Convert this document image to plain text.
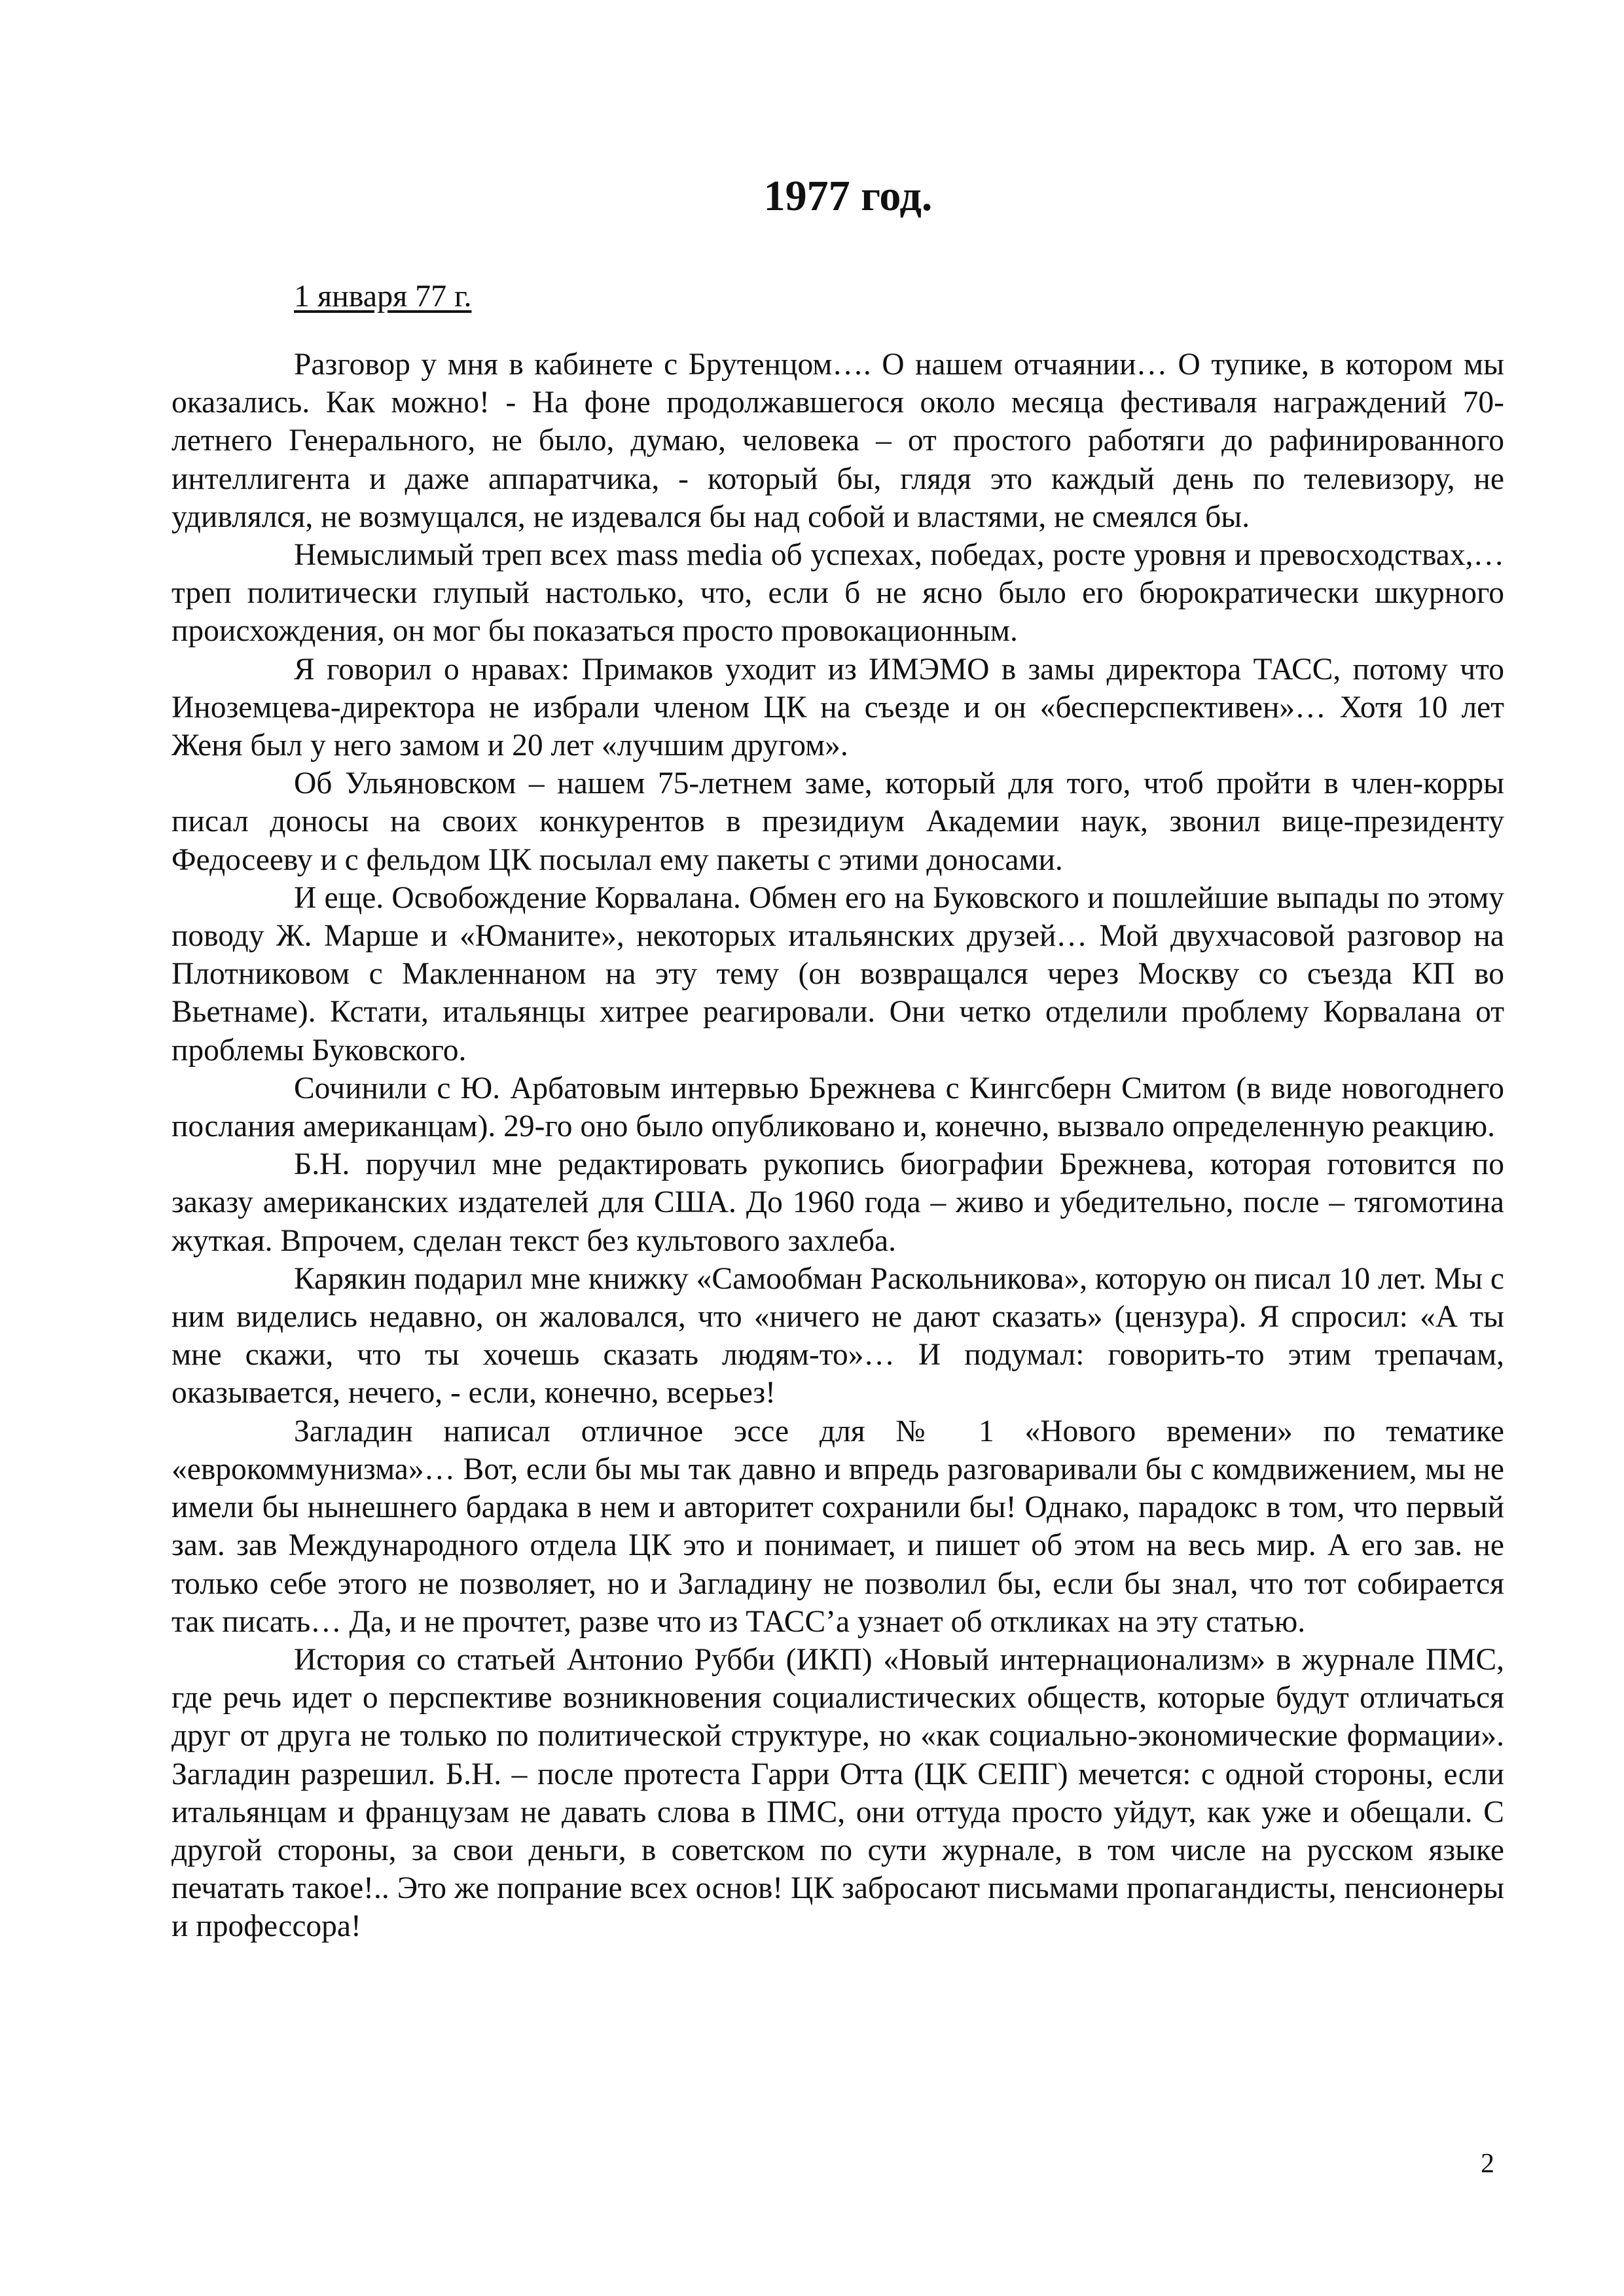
1977 год.

1 января 77 г.

Разговор у мня в кабинете с Брутенцом…. О нашем отчаянии… О тупике, в котором мы оказались. Как можно! - На фоне продолжавшегося около месяца фестиваля награждений 70-летнего Генерального, не было, думаю, человека – от простого работяги до рафинированного интеллигента и даже аппаратчика, - который бы, глядя это каждый день по телевизору, не удивлялся, не возмущался, не издевался бы над собой и властями, не смеялся бы.

Немыслимый треп всех mass media об успехах, победах, росте уровня и превосходствах,… треп политически глупый настолько, что, если б не ясно было его бюрократически шкурного происхождения, он мог бы показаться просто провокационным.

Я говорил о нравах: Примаков уходит из ИМЭМО в замы директора ТАСС, потому что Иноземцева-директора не избрали членом ЦК на съезде и он «бесперспективен»… Хотя 10 лет Женя был у него замом и 20 лет «лучшим другом».

Об Ульяновском – нашем 75-летнем заме, который для того, чтоб пройти в член-корры писал доносы на своих конкурентов в президиум Академии наук, звонил вице-президенту Федосееву и с фельдом ЦК посылал ему пакеты с этими доносами.

И еще. Освобождение Корвалана. Обмен его на Буковского и пошлейшие выпады по этому поводу Ж. Марше и «Юманите», некоторых итальянских друзей… Мой двухчасовой разговор на Плотниковом с Макленнаном на эту тему (он возвращался через Москву со съезда КП во Вьетнаме). Кстати, итальянцы хитрее реагировали. Они четко отделили проблему Корвалана от проблемы Буковского.

Сочинили с Ю. Арбатовым интервью Брежнева с Кингсберн Смитом (в виде новогоднего послания американцам). 29-го оно было опубликовано и, конечно, вызвало определенную реакцию.

Б.Н. поручил мне редактировать рукопись биографии Брежнева, которая готовится по заказу американских издателей для США. До 1960 года – живо и убедительно, после – тягомотина жуткая. Впрочем, сделан текст без культового захлеба.

Карякин подарил мне книжку «Самообман Раскольникова», которую он писал 10 лет. Мы с ним виделись недавно, он жаловался, что «ничего не дают сказать» (цензура). Я спросил: «А ты мне скажи, что ты хочешь сказать людям-то»… И подумал: говорить-то этим трепачам, оказывается, нечего, - если, конечно, всерьез!

Загладин написал отличное эссе для № 1 «Нового времени» по тематике «еврокоммунизма»… Вот, если бы мы так давно и впредь разговаривали бы с комдвижением, мы не имели бы нынешнего бардака в нем и авторитет сохранили бы! Однако, парадокс в том, что первый зам. зав Международного отдела ЦК это и понимает, и пишет об этом на весь мир. А его зав. не только себе этого не позволяет, но и Загладину не позволил бы, если бы знал, что тот собирается так писать… Да, и не прочтет, разве что из ТАСС’а узнает об откликах на эту статью.

История со статьей Антонио Рубби (ИКП) «Новый интернационализм» в журнале ПМС, где речь идет о перспективе возникновения социалистических обществ, которые будут отличаться друг от друга не только по политической структуре, но «как социально-экономические формации». Загладин разрешил. Б.Н. – после протеста Гарри Отта (ЦК СЕПГ) мечется: с одной стороны, если итальянцам и французам не давать слова в ПМС, они оттуда просто уйдут, как уже и обещали. С другой стороны, за свои деньги, в советском по сути журнале, в том числе на русском языке печатать такое!.. Это же попрание всех основ! ЦК забросают письмами пропагандисты, пенсионеры и профессора!

2
